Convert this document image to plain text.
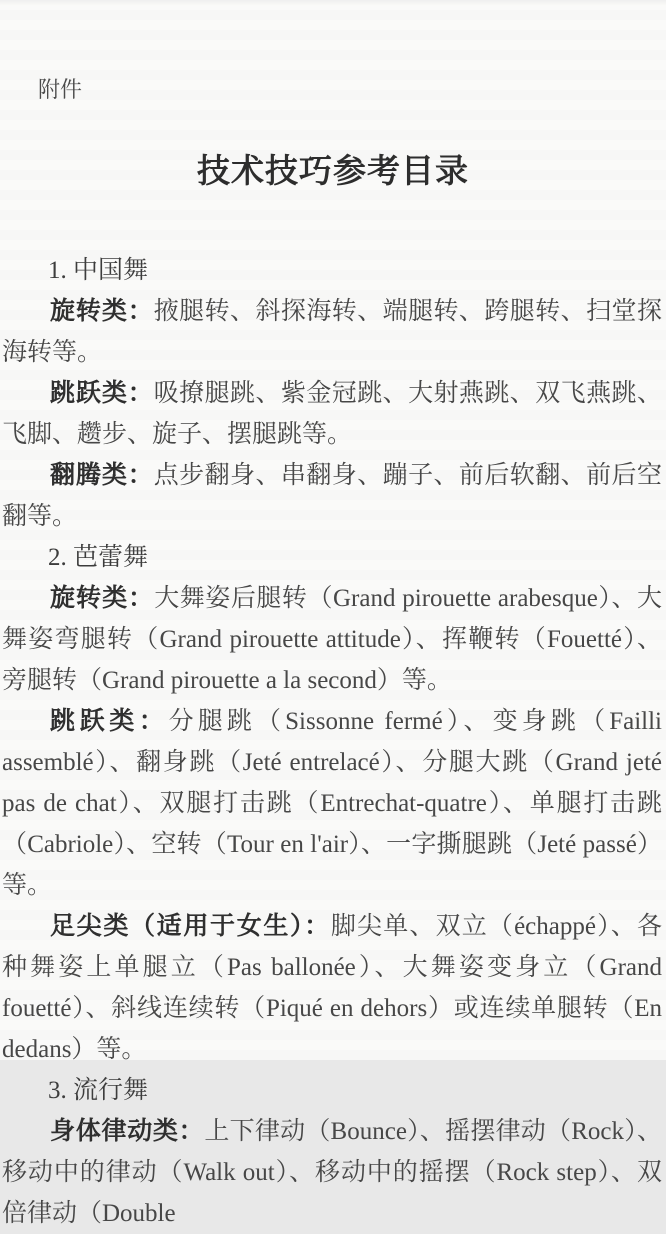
附件
技术技巧参考目录
1. 中国舞

旋转类：掖腿转、斜探海转、端腿转、跨腿转、扫堂探海转等。

跳跃类：吸撩腿跳、紫金冠跳、大射燕跳、双飞燕跳、飞脚、趱步、旋子、摆腿跳等。

翻腾类：点步翻身、串翻身、蹦子、前后软翻、前后空翻等。

2. 芭蕾舞

旋转类：大舞姿后腿转（Grand pirouette arabesque）、大舞姿弯腿转（Grand pirouette attitude）、挥鞭转（Fouetté）、旁腿转（Grand pirouette a la second）等。

跳跃类：分腿跳（Sissonne fermé）、变身跳（Failli assemblé）、翻身跳（Jeté entrelacé）、分腿大跳（Grand jeté pas de chat）、双腿打击跳（Entrechat-quatre）、单腿打击跳（Cabriole）、空转（Tour en l'air）、一字撕腿跳（Jeté passé）等。

足尖类（适用于女生）：脚尖单、双立（échappé）、各种舞姿上单腿立（Pas ballonée）、大舞姿变身立（Grand fouetté）、斜线连续转（Piqué en dehors）或连续单腿转（En dedans）等。

3. 流行舞

身体律动类：上下律动（Bounce）、摇摆律动（Rock）、移动中的律动（Walk out）、移动中的摇摆（Rock step）、双倍律动（Double
